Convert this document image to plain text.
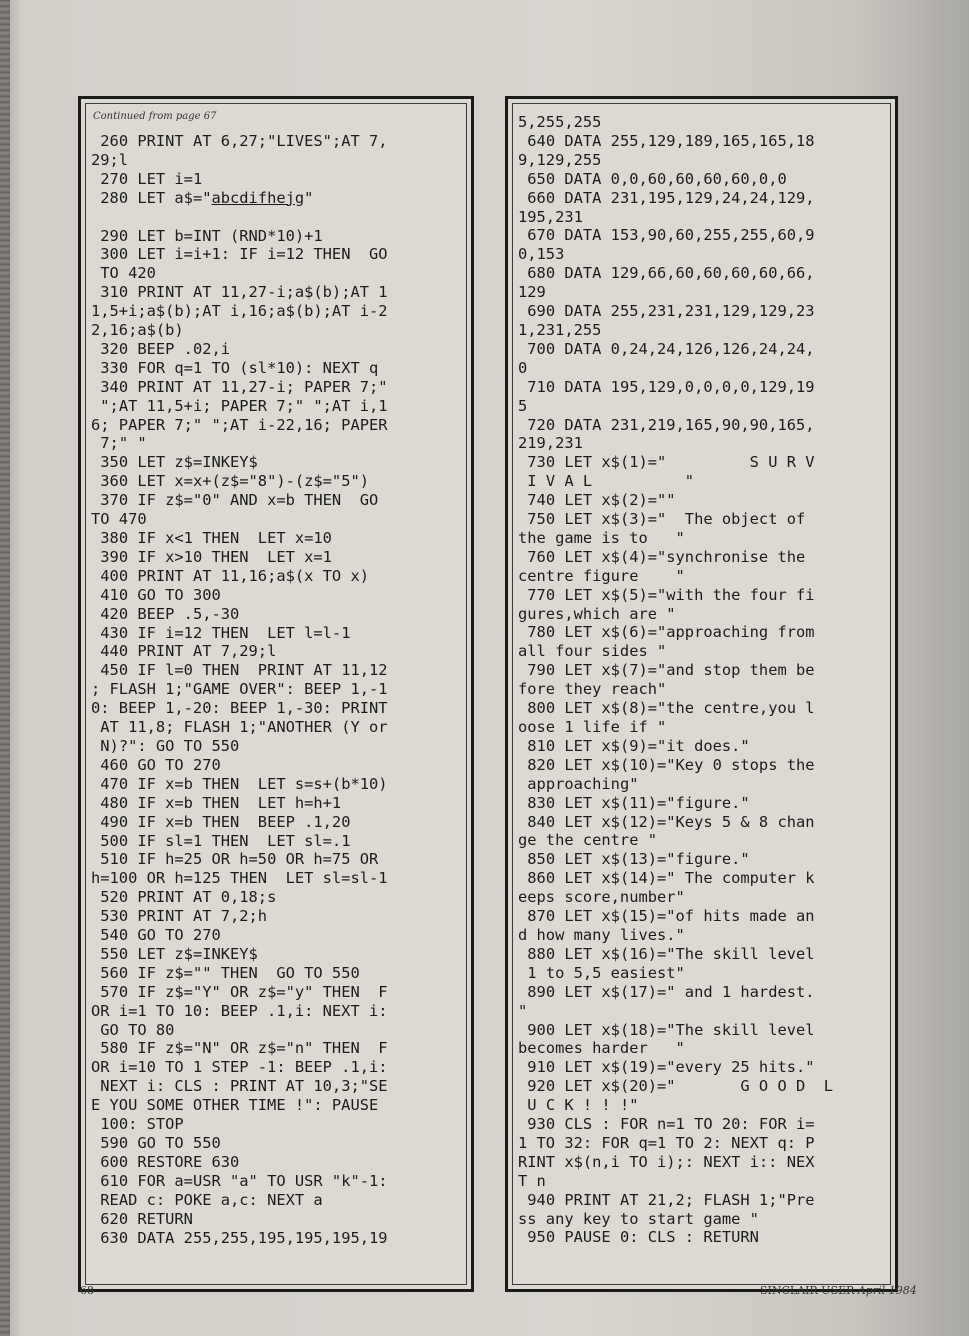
Continued from page 67
260 PRINT AT 6,27;"LIVES";AT 7,
29;l
270 LET i=1
280 LET a$="abcdifhejg"
290 LET b=INT (RND*10)+1
300 LET i=i+1: IF i=12 THEN  GO
TO 420
310 PRINT AT 11,27-i;a$(b);AT 1
1,5+i;a$(b);AT i,16;a$(b);AT i-2
2,16;a$(b)
320 BEEP .02,i
330 FOR q=1 TO (sl*10): NEXT q
340 PRINT AT 11,27-i; PAPER 7;"
";AT 11,5+i; PAPER 7;" ";AT i,1
6; PAPER 7;" ";AT i-22,16; PAPER
7;" "
350 LET z$=INKEY$
360 LET x=x+(z$="8")-(z$="5")
370 IF z$="0" AND x=b THEN  GO
TO 470
380 IF x<1 THEN  LET x=10
390 IF x>10 THEN  LET x=1
400 PRINT AT 11,16;a$(x TO x)
410 GO TO 300
420 BEEP .5,-30
430 IF i=12 THEN  LET l=l-1
440 PRINT AT 7,29;l
450 IF l=0 THEN  PRINT AT 11,12
; FLASH 1;"GAME OVER": BEEP 1,-1
0: BEEP 1,-20: BEEP 1,-30: PRINT
AT 11,8; FLASH 1;"ANOTHER (Y or
N)?": GO TO 550
460 GO TO 270
470 IF x=b THEN  LET s=s+(b*10)
480 IF x=b THEN  LET h=h+1
490 IF x=b THEN  BEEP .1,20
500 IF sl=1 THEN  LET sl=.1
510 IF h=25 OR h=50 OR h=75 OR
h=100 OR h=125 THEN  LET sl=sl-1
520 PRINT AT 0,18;s
530 PRINT AT 7,2;h
540 GO TO 270
550 LET z$=INKEY$
560 IF z$="" THEN  GO TO 550
570 IF z$="Y" OR z$="y" THEN  F
OR i=1 TO 10: BEEP .1,i: NEXT i:
GO TO 80
580 IF z$="N" OR z$="n" THEN  F
OR i=10 TO 1 STEP -1: BEEP .1,i:
NEXT i: CLS : PRINT AT 10,3;"SE
E YOU SOME OTHER TIME !": PAUSE
100: STOP
590 GO TO 550
600 RESTORE 630
610 FOR a=USR "a" TO USR "k"-1:
READ c: POKE a,c: NEXT a
620 RETURN
630 DATA 255,255,195,195,195,19
5,255,255
640 DATA 255,129,189,165,165,18
9,129,255
650 DATA 0,0,60,60,60,60,0,0
660 DATA 231,195,129,24,24,129,
195,231
670 DATA 153,90,60,255,255,60,9
0,153
680 DATA 129,66,60,60,60,60,66,
129
690 DATA 255,231,231,129,129,23
1,231,255
700 DATA 0,24,24,126,126,24,24,
0
710 DATA 195,129,0,0,0,0,129,19
5
720 DATA 231,219,165,90,90,165,
219,231
730 LET x$(1)="         S U R V
I V A L          "
740 LET x$(2)=""
750 LET x$(3)="  The object of
the game is to   "
760 LET x$(4)="synchronise the
centre figure    "
770 LET x$(5)="with the four fi
gures,which are "
780 LET x$(6)="approaching from
all four sides "
790 LET x$(7)="and stop them be
fore they reach"
800 LET x$(8)="the centre,you l
oose 1 life if "
810 LET x$(9)="it does."
820 LET x$(10)="Key 0 stops the
approaching"
830 LET x$(11)="figure."
840 LET x$(12)="Keys 5 & 8 chan
ge the centre "
850 LET x$(13)="figure."
860 LET x$(14)=" The computer k
eeps score,number"
870 LET x$(15)="of hits made an
d how many lives."
880 LET x$(16)="The skill level
1 to 5,5 easiest"
890 LET x$(17)=" and 1 hardest.
"
900 LET x$(18)="The skill level
becomes harder   "
910 LET x$(19)="every 25 hits."
920 LET x$(20)="       G O O D  L
U C K ! ! !"
930 CLS : FOR n=1 TO 20: FOR i=
1 TO 32: FOR q=1 TO 2: NEXT q: P
RINT x$(n,i TO i);: NEXT i:: NEX
T n
940 PRINT AT 21,2; FLASH 1;"Pre
ss any key to start game "
950 PAUSE 0: CLS : RETURN
68	SINCLAIR USER April 1984
